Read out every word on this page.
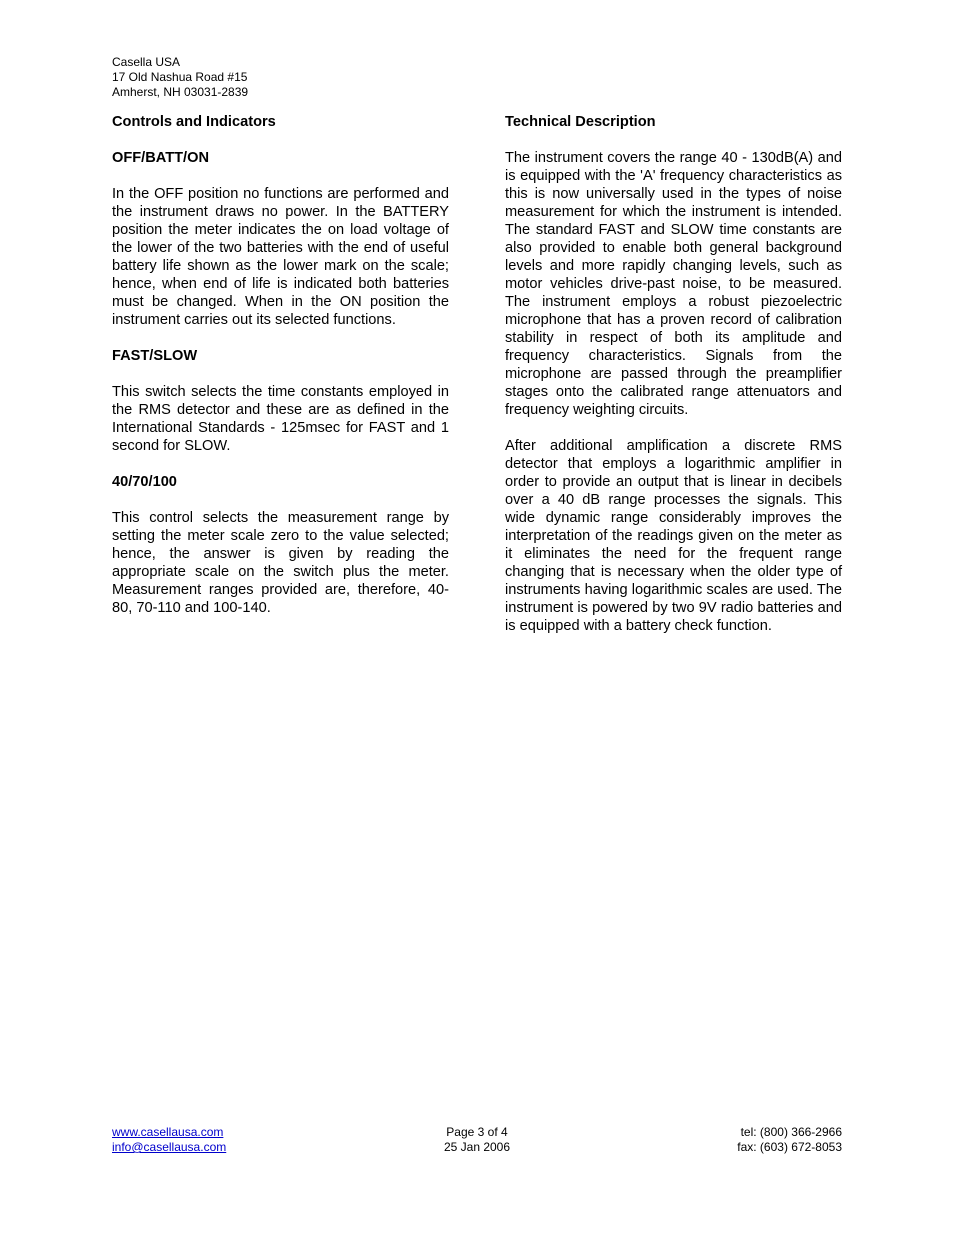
Casella USA
17 Old Nashua Road #15
Amherst, NH 03031-2839
Controls and Indicators
OFF/BATT/ON
In the OFF position no functions are performed and the instrument draws no power. In the BATTERY position the meter indicates the on load voltage of the lower of the two batteries with the end of useful battery life shown as the lower mark on the scale; hence, when end of life is indicated both batteries must be changed. When in the ON position the instrument carries out its selected functions.
FAST/SLOW
This switch selects the time constants employed in the RMS detector and these are as defined in the International Standards - 125msec for FAST and 1 second for SLOW.
40/70/100
This control selects the measurement range by setting the meter scale zero to the value selected; hence, the answer is given by reading the appropriate scale on the switch plus the meter. Measurement ranges provided are, therefore, 40-80, 70-110 and 100-140.
Technical Description
The instrument covers the range 40 - 130dB(A) and is equipped with the 'A' frequency characteristics as this is now universally used in the types of noise measurement for which the instrument is intended. The standard FAST and SLOW time constants are also provided to enable both general background levels and more rapidly changing levels, such as motor vehicles drive-past noise, to be measured. The instrument employs a robust piezoelectric microphone that has a proven record of calibration stability in respect of both its amplitude and frequency characteristics. Signals from the microphone are passed through the preamplifier stages onto the calibrated range attenuators and frequency weighting circuits.
After additional amplification a discrete RMS detector that employs a logarithmic amplifier in order to provide an output that is linear in decibels over a 40 dB range processes the signals. This wide dynamic range considerably improves the interpretation of the readings given on the meter as it eliminates the need for the frequent range changing that is necessary when the older type of instruments having logarithmic scales are used. The instrument is powered by two 9V radio batteries and is equipped with a battery check function.
www.casellausa.com
info@casellausa.com
Page 3 of 4
25 Jan 2006
tel: (800) 366-2966
fax: (603) 672-8053
